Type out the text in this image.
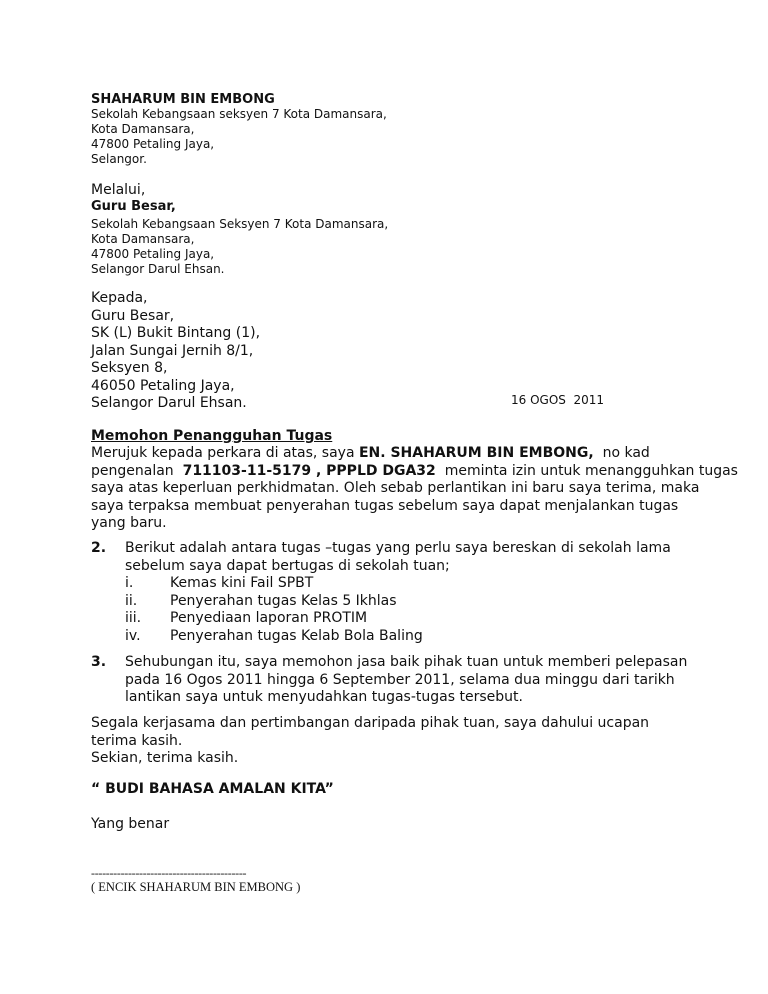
SHAHARUM BIN EMBONG
Sekolah Kebangsaan seksyen 7 Kota Damansara,
Kota Damansara,
47800 Petaling Jaya,
Selangor.
Melalui,
Guru Besar,
Sekolah Kebangsaan Seksyen 7 Kota Damansara,
Kota Damansara,
47800 Petaling Jaya,
Selangor Darul Ehsan.
Kepada,
Guru Besar,
SK (L) Bukit Bintang (1),
Jalan Sungai Jernih 8/1,
Seksyen 8,
46050 Petaling Jaya,
Selangor Darul Ehsan.	16 OGOS  2011
Memohon Penangguhan Tugas
Merujuk kepada perkara di atas, saya EN. SHAHARUM BIN EMBONG,  no kad
pengenalan  711103-11-5179 , PPPLD DGA32  meminta izin untuk menangguhkan tugas
saya atas keperluan perkhidmatan. Oleh sebab perlantikan ini baru saya terima, maka
saya terpaksa membuat penyerahan tugas sebelum saya dapat menjalankan tugas
yang baru.
2. Berikut adalah antara tugas –tugas yang perlu saya bereskan di sekolah lama
sebelum saya dapat bertugas di sekolah tuan;
i.	Kemas kini Fail SPBT
ii. Penyerahan tugas Kelas 5 Ikhlas
iii. Penyediaan laporan PROTIM
iv. Penyerahan tugas Kelab Bola Baling
3. Sehubungan itu, saya memohon jasa baik pihak tuan untuk memberi pelepasan
pada 16 Ogos 2011 hingga 6 September 2011, selama dua minggu dari tarikh
lantikan saya untuk menyudahkan tugas-tugas tersebut.
Segala kerjasama dan pertimbangan daripada pihak tuan, saya dahului ucapan
terima kasih.
Sekian, terima kasih.
“ BUDI BAHASA AMALAN KITA”
Yang benar
------------------------------------------
( ENCIK SHAHARUM BIN EMBONG )
